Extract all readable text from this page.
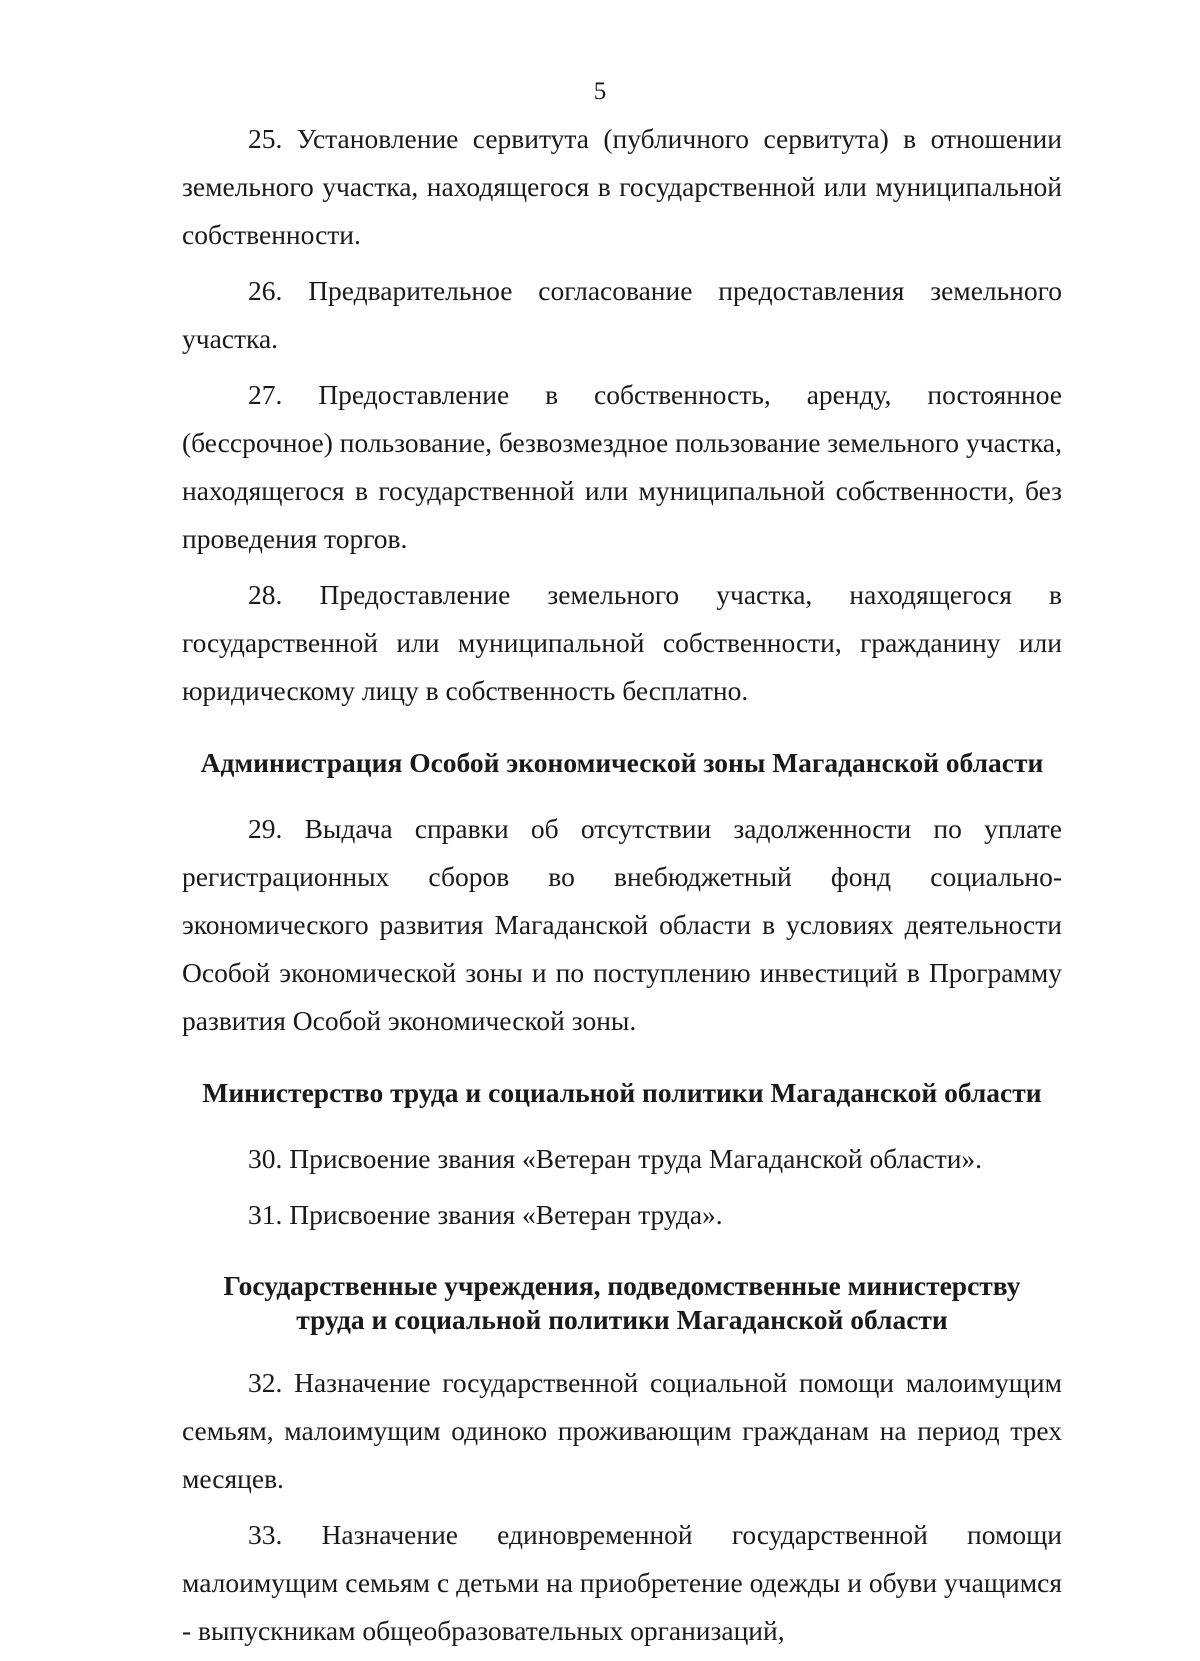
5

25. Установление сервитута (публичного сервитута) в отношении земельного участка, находящегося в государственной или муниципальной собственности.

26. Предварительное согласование предоставления земельного участка.

27. Предоставление в собственность, аренду, постоянное (бессрочное) пользование, безвозмездное пользование земельного участка, находящегося в государственной или муниципальной собственности, без проведения торгов.

28. Предоставление земельного участка, находящегося в государственной или муниципальной собственности, гражданину или юридическому лицу в собственность бесплатно.

Администрация Особой экономической зоны Магаданской области

29. Выдача справки об отсутствии задолженности по уплате регистрационных сборов во внебюджетный фонд социально-экономического развития Магаданской области в условиях деятельности Особой экономической зоны и по поступлению инвестиций в Программу развития Особой экономической зоны.

Министерство труда и социальной политики Магаданской области

30. Присвоение звания «Ветеран труда Магаданской области».

31. Присвоение звания «Ветеран труда».

Государственные учреждения, подведомственные министерству
труда и социальной политики Магаданской области

32. Назначение государственной социальной помощи малоимущим семьям, малоимущим одиноко проживающим гражданам на период трех месяцев.

33. Назначение единовременной государственной помощи малоимущим семьям с детьми на приобретение одежды и обуви учащимся - выпускникам общеобразовательных организаций,
